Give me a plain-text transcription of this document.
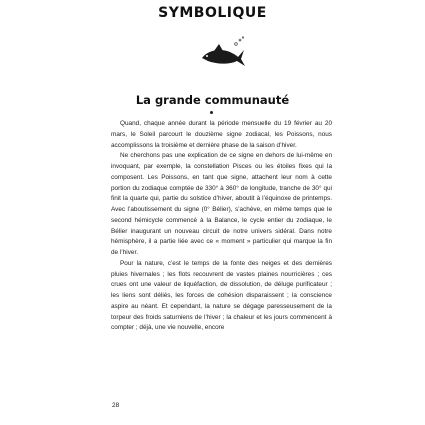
SYMBOLIQUE
La grande communauté

Quand, chaque année durant la période mensuelle du 19 février au 20 mars, le Soleil parcourt le douzième signe zodiacal, les Poissons, nous accomplissons la troisième et dernière phase de la saison d’hiver.

Ne cherchons pas une explication de ce signe en dehors de lui-même en invoquant, par exemple, la constellation Pisces ou les étoiles fixes qui la composent. Les Poissons, en tant que signe, attachent leur nom à cette portion du zodiaque comptée de 330° à 360° de longitude, tranche de 30° qui finit la quarte qui, partie du solstice d’hiver, aboutit à l’équinoxe de printemps. Avec l’aboutissement du signe (0° Bélier), s’achève, en même temps que le second hémicycle commencé à la Balance, le cycle entier du zodiaque, le Bélier inaugurant un nouveau circuit de notre univers sidéral. Dans notre hémisphère, il a partie liée avec ce « moment » particulier qui marque la fin de l’hiver.

Pour la nature, c’est le temps de la fonte des neiges et des dernières pluies hivernales ; les flots recouvrent de vastes plaines nourricières ; ces crues ont une valeur de liquéfaction, de dissolution, de déluge purificateur ; les liens sont déliés, les forces de cohésion disparaissent ; la conscience aspire au néant. Et cependant, la nature se dégage paresseusement de la torpeur des froids saturniens de l’hiver ; la chaleur et les jours commencent à compter ; déjà, une vie nouvelle, encore

28
